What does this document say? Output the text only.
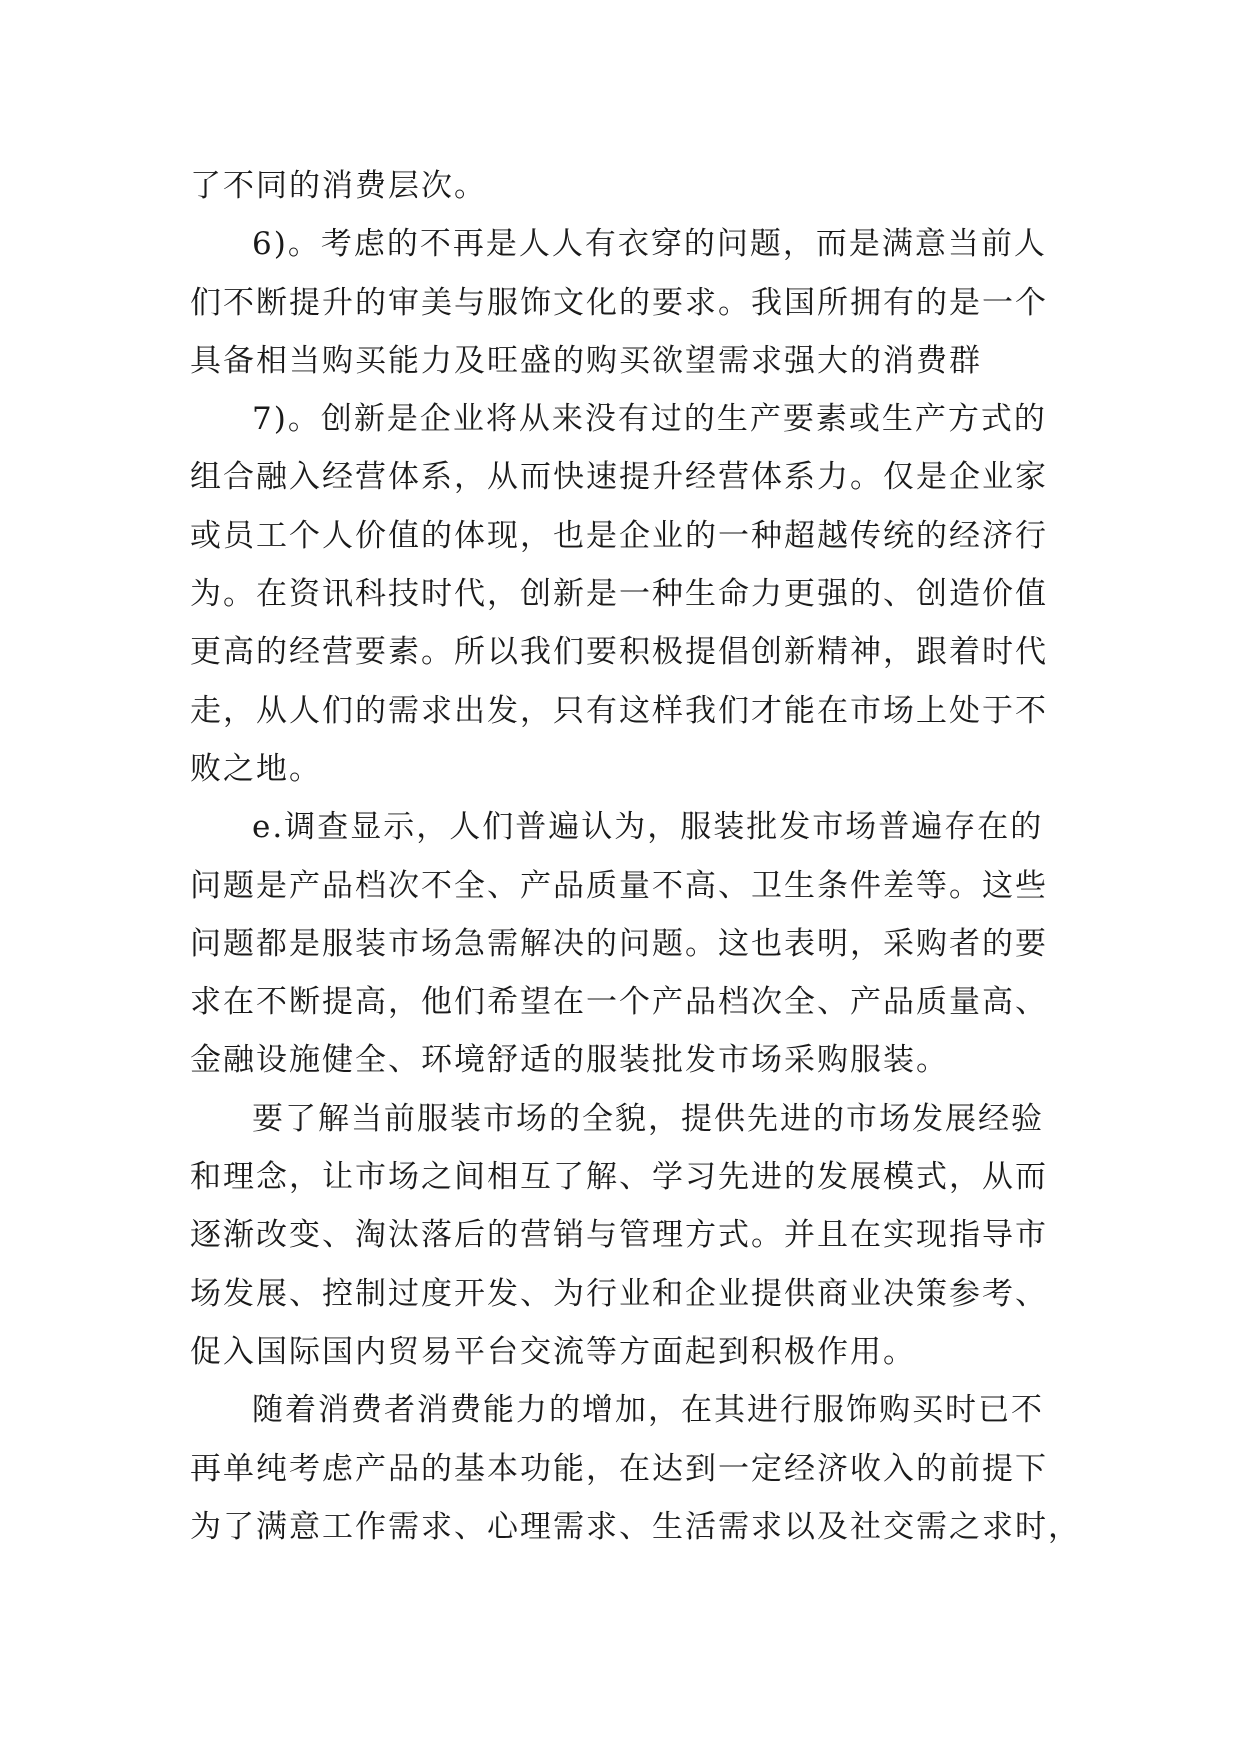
了不同的消费层次。
6)。考虑的不再是人人有衣穿的问题，而是满意当前人
们不断提升的审美与服饰文化的要求。我国所拥有的是一个
具备相当购买能力及旺盛的购买欲望需求强大的消费群
7)。创新是企业将从来没有过的生产要素或生产方式的
组合融入经营体系，从而快速提升经营体系力。仅是企业家
或员工个人价值的体现，也是企业的一种超越传统的经济行
为。在资讯科技时代，创新是一种生命力更强的、创造价值
更高的经营要素。所以我们要积极提倡创新精神，跟着时代
走，从人们的需求出发，只有这样我们才能在市场上处于不
败之地。
e.调查显示，人们普遍认为，服装批发市场普遍存在的
问题是产品档次不全、产品质量不高、卫生条件差等。这些
问题都是服装市场急需解决的问题。这也表明，采购者的要
求在不断提高，他们希望在一个产品档次全、产品质量高、
金融设施健全、环境舒适的服装批发市场采购服装。
要了解当前服装市场的全貌，提供先进的市场发展经验
和理念，让市场之间相互了解、学习先进的发展模式，从而
逐渐改变、淘汰落后的营销与管理方式。并且在实现指导市
场发展、控制过度开发、为行业和企业提供商业决策参考、
促入国际国内贸易平台交流等方面起到积极作用。
随着消费者消费能力的增加，在其进行服饰购买时已不
再单纯考虑产品的基本功能，在达到一定经济收入的前提下
为了满意工作需求、心理需求、生活需求以及社交需之求时，
